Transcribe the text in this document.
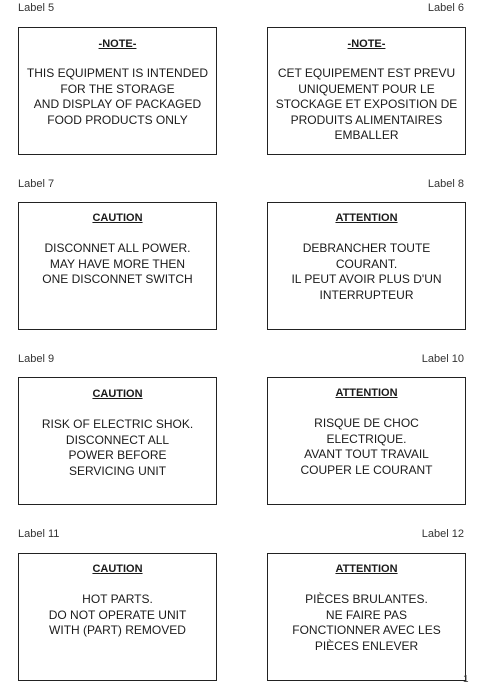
Label 5	Label 6
-NOTE-
THIS EQUIPMENT IS INTENDED
FOR THE STORAGE
AND DISPLAY OF PACKAGED
FOOD PRODUCTS ONLY
-NOTE-
CET EQUIPEMENT EST PREVU
UNIQUEMENT POUR LE
STOCKAGE ET EXPOSITION DE
PRODUITS ALIMENTAIRES
EMBALLER
Label 7	Label 8
CAUTION
DISCONNET ALL POWER.
MAY HAVE MORE THEN
ONE DISCONNET SWITCH
ATTENTION
DEBRANCHER TOUTE
COURANT.
IL PEUT AVOIR PLUS D'UN
INTERRUPTEUR
Label 9	Label 10
CAUTION
RISK OF ELECTRIC SHOK.
DISCONNECT ALL
POWER BEFORE
SERVICING UNIT
ATTENTION
RISQUE DE CHOC
ELECTRIQUE.
AVANT TOUT TRAVAIL
COUPER LE COURANT
Label 11	Label 12
CAUTION
HOT PARTS.
DO NOT OPERATE UNIT
WITH (PART) REMOVED
ATTENTION
PIÈCES BRULANTES.
NE FAIRE PAS
FONCTIONNER AVEC LES
PIÈCES ENLEVER
1
